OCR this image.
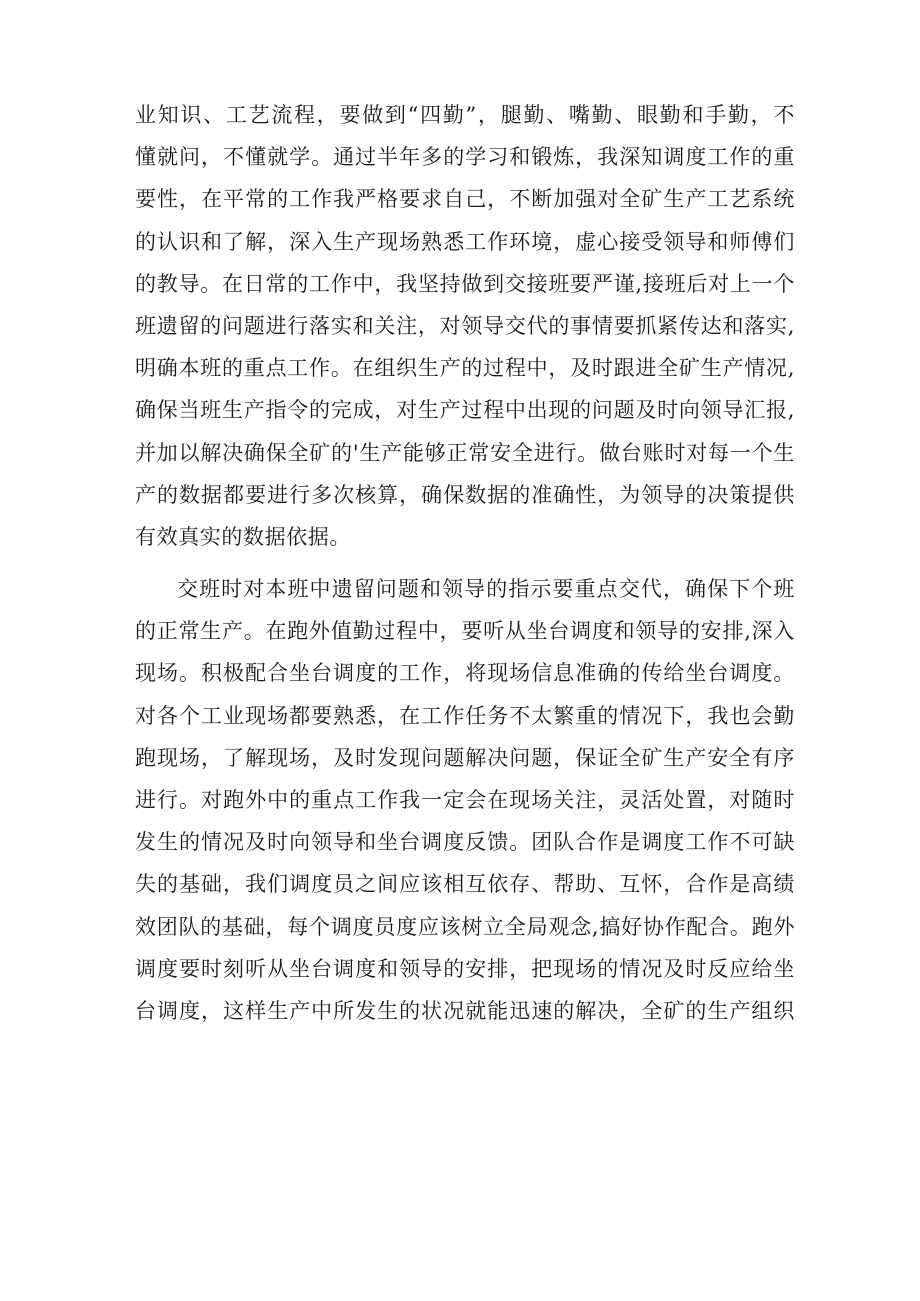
业知识、工艺流程，要做到“四勤”，腿勤、嘴勤、眼勤和手勤，不
懂就问，不懂就学。通过半年多的学习和锻炼，我深知调度工作的重
要性，在平常的工作我严格要求自己，不断加强对全矿生产工艺系统
的认识和了解，深入生产现场熟悉工作环境，虚心接受领导和师傅们
的教导。在日常的工作中，我坚持做到交接班要严谨,接班后对上一个
班遗留的问题进行落实和关注，对领导交代的事情要抓紧传达和落实,
明确本班的重点工作。在组织生产的过程中，及时跟进全矿生产情况,
确保当班生产指令的完成，对生产过程中出现的问题及时向领导汇报,
并加以解决确保全矿的'生产能够正常安全进行。做台账时对每一个生
产的数据都要进行多次核算，确保数据的准确性，为领导的决策提供
有效真实的数据依据。
交班时对本班中遗留问题和领导的指示要重点交代，确保下个班
的正常生产。在跑外值勤过程中，要听从坐台调度和领导的安排,深入
现场。积极配合坐台调度的工作，将现场信息准确的传给坐台调度。
对各个工业现场都要熟悉，在工作任务不太繁重的情况下，我也会勤
跑现场，了解现场，及时发现问题解决问题，保证全矿生产安全有序
进行。对跑外中的重点工作我一定会在现场关注，灵活处置，对随时
发生的情况及时向领导和坐台调度反馈。团队合作是调度工作不可缺
失的基础，我们调度员之间应该相互依存、帮助、互怀，合作是高绩
效团队的基础，每个调度员度应该树立全局观念,搞好协作配合。跑外
调度要时刻听从坐台调度和领导的安排，把现场的情况及时反应给坐
台调度，这样生产中所发生的状况就能迅速的解决，全矿的生产组织
